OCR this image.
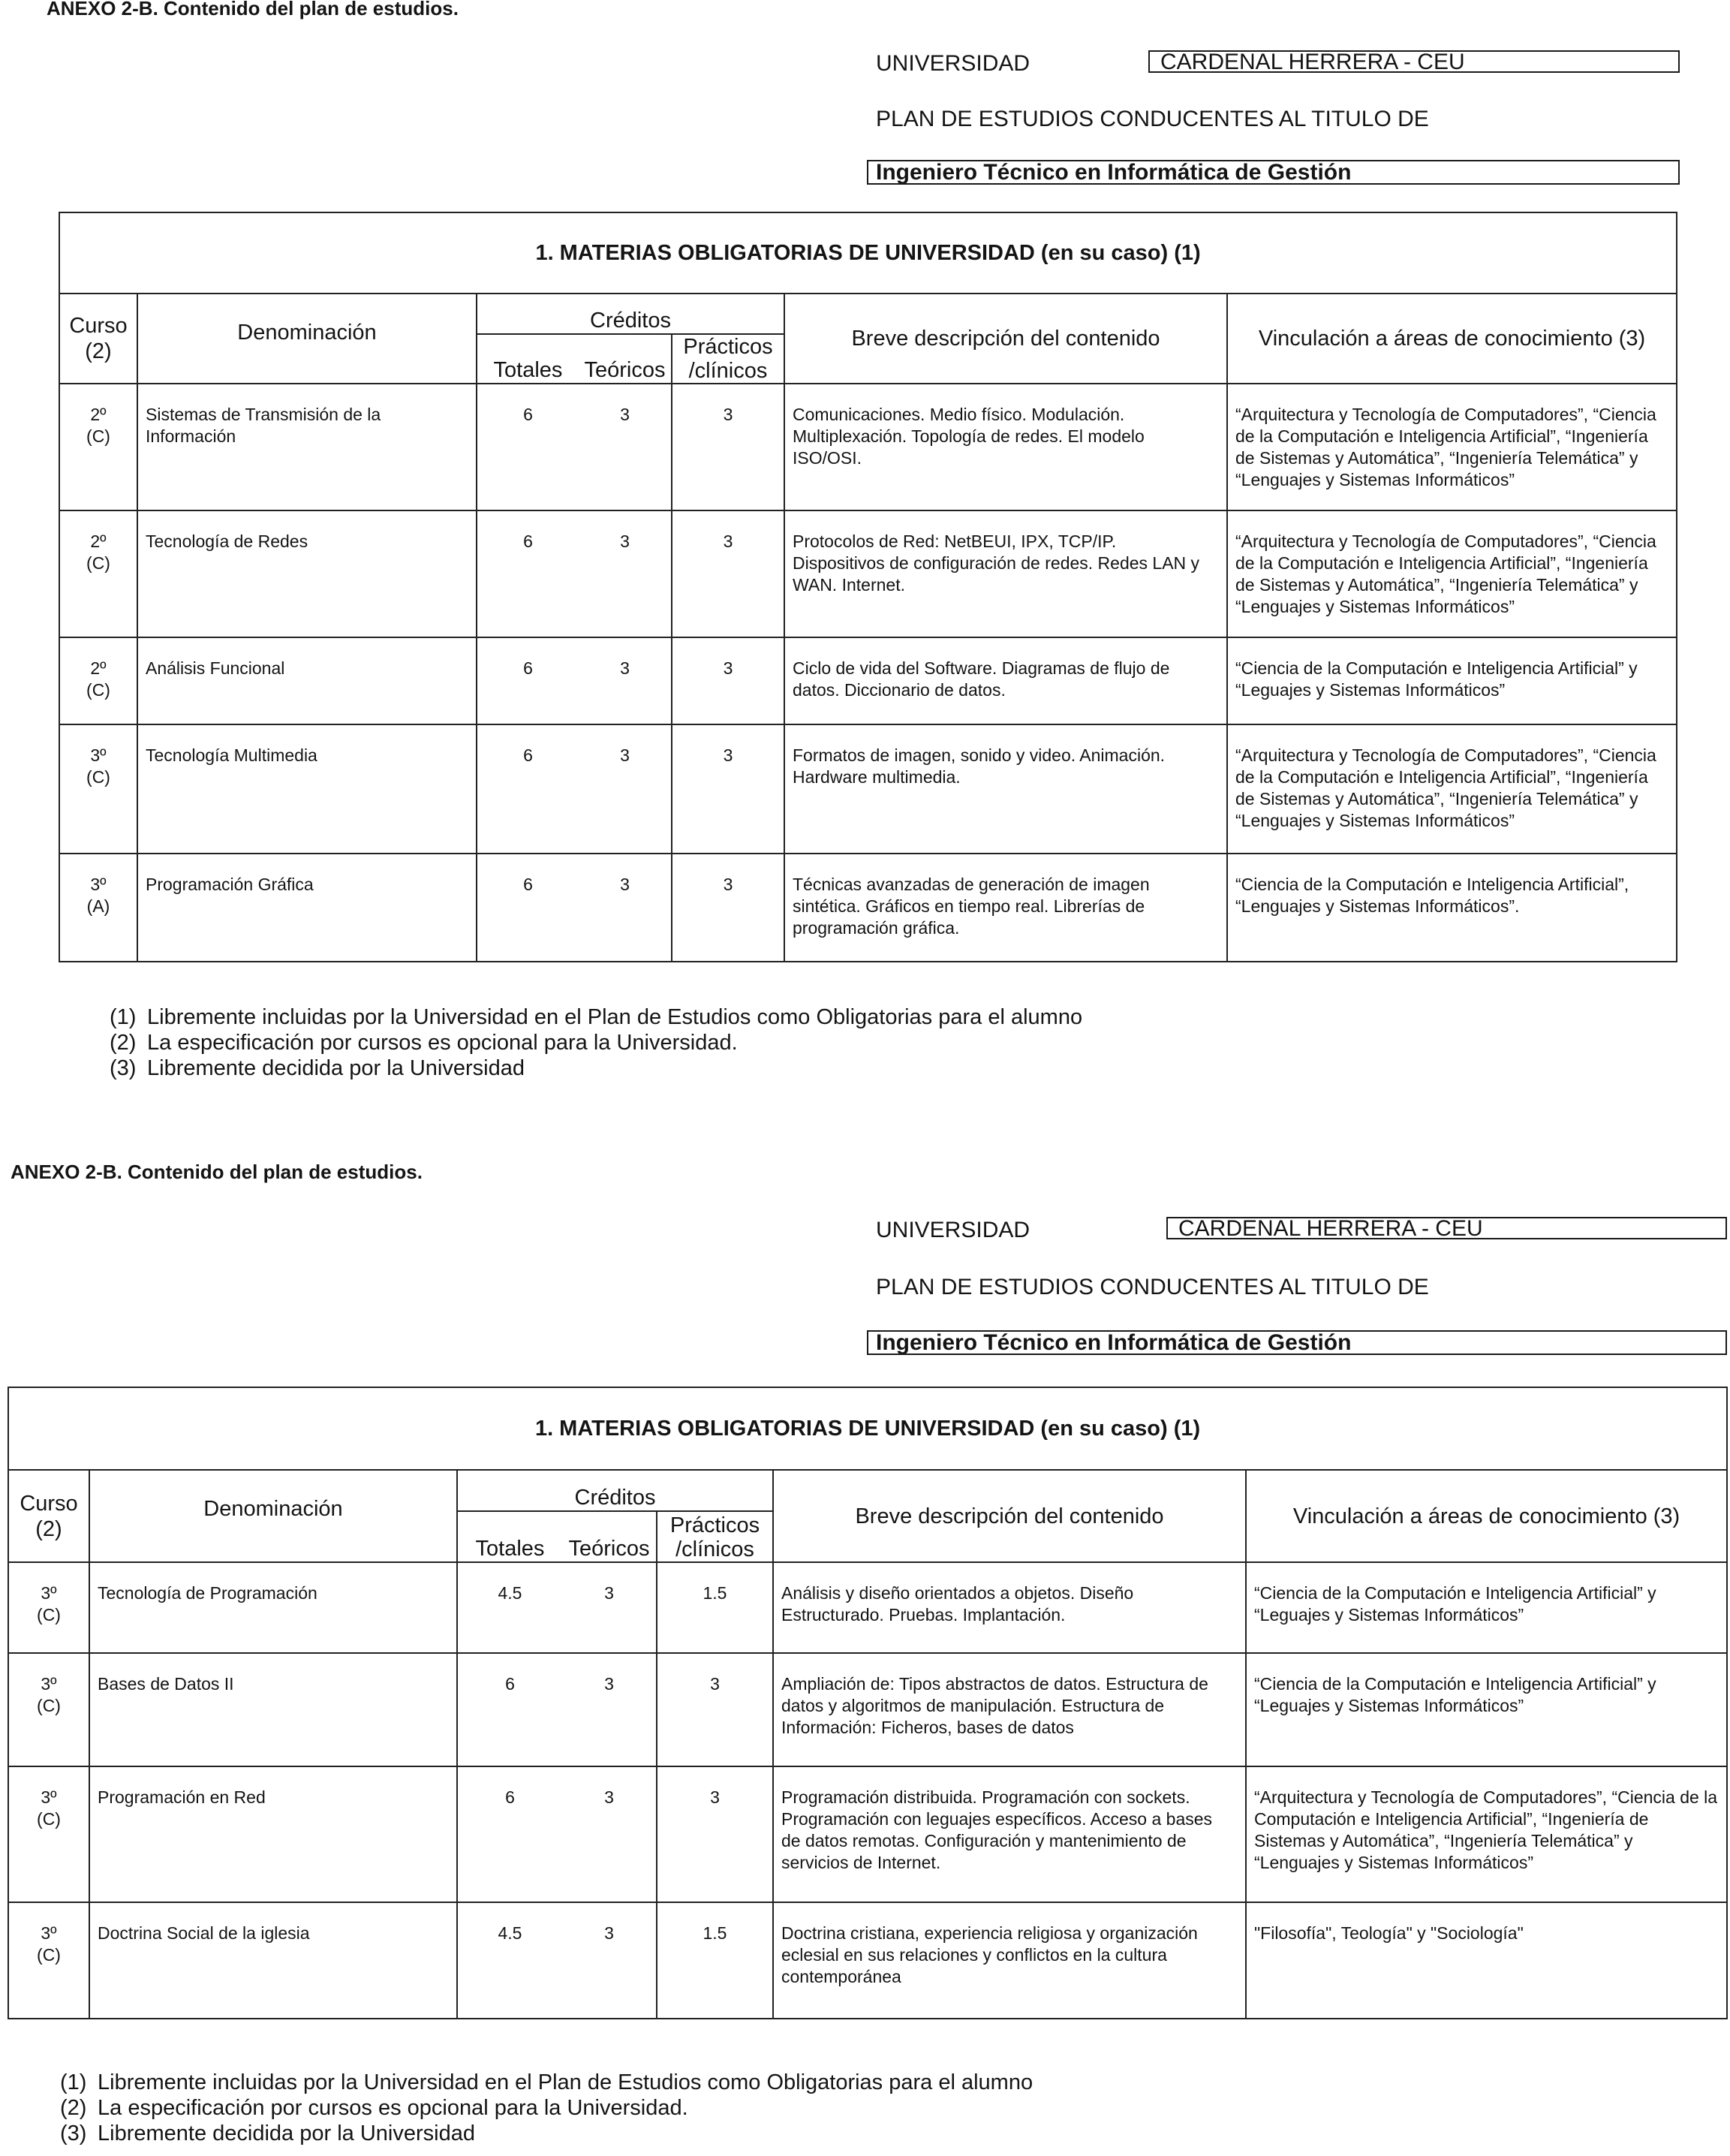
ANEXO 2-B. Contenido del plan de estudios.
UNIVERSIDAD	CARDENAL HERRERA - CEU
PLAN DE ESTUDIOS CONDUCENTES AL TITULO DE
Ingeniero Técnico en Informática de Gestión
1. MATERIAS OBLIGATORIAS DE UNIVERSIDAD (en su caso) (1)						
Curso
(2)	Denominación	Créditos			Breve descripción del contenido	Vinculación a áreas de conocimiento (3)
		Totales	Teóricos	Prácticos
/clínicos		
2º
(C)	Sistemas de Transmisión de la Información	6	3	3	Comunicaciones. Medio físico. Modulación. Multiplexación. Topología de redes. El modelo ISO/OSI.	“Arquitectura y Tecnología de Computadores”, “Ciencia de la Computación e Inteligencia Artificial”, “Ingeniería de Sistemas y Automática”, “Ingeniería Telemática” y “Lenguajes y Sistemas Informáticos”
2º
(C)	Tecnología de Redes	6	3	3	Protocolos de Red: NetBEUI, IPX, TCP/IP. Dispositivos de configuración de redes. Redes LAN y WAN. Internet.	“Arquitectura y Tecnología de Computadores”, “Ciencia de la Computación e Inteligencia Artificial”, “Ingeniería de Sistemas y Automática”, “Ingeniería Telemática” y “Lenguajes y Sistemas Informáticos”
2º
(C)	Análisis Funcional	6	3	3	Ciclo de vida del Software. Diagramas de flujo de datos. Diccionario de datos.	“Ciencia de la Computación e Inteligencia Artificial” y “Leguajes y Sistemas Informáticos”
3º
(C)	Tecnología Multimedia	6	3	3	Formatos de imagen, sonido y video. Animación. Hardware multimedia.	“Arquitectura y Tecnología de Computadores”, “Ciencia de la Computación e Inteligencia Artificial”, “Ingeniería de Sistemas y Automática”, “Ingeniería Telemática” y “Lenguajes y Sistemas Informáticos”
3º
(A)	Programación Gráfica	6	3	3	Técnicas avanzadas de generación de imagen sintética. Gráficos en tiempo real. Librerías de programación gráfica.	“Ciencia de la Computación e Inteligencia Artificial”, “Lenguajes y Sistemas Informáticos”.
(1) Libremente incluidas por la Universidad en el Plan de Estudios como Obligatorias para el alumno
(2) La especificación por cursos es opcional para la Universidad.
(3) Libremente decidida por la Universidad
ANEXO 2-B. Contenido del plan de estudios.
UNIVERSIDAD	CARDENAL HERRERA - CEU
PLAN DE ESTUDIOS CONDUCENTES AL TITULO DE
Ingeniero Técnico en Informática de Gestión
1. MATERIAS OBLIGATORIAS DE UNIVERSIDAD (en su caso) (1)						
Curso
(2)	Denominación	Créditos			Breve descripción del contenido	Vinculación a áreas de conocimiento (3)
		Totales	Teóricos	Prácticos
/clínicos		
3º
(C)	Tecnología de Programación	4.5	3	1.5	Análisis y diseño orientados a objetos. Diseño Estructurado. Pruebas. Implantación.	“Ciencia de la Computación e Inteligencia Artificial” y “Leguajes y Sistemas Informáticos”
3º
(C)	Bases de Datos II	6	3	3	Ampliación de: Tipos abstractos de datos. Estructura de datos y algoritmos de manipulación. Estructura de Información: Ficheros, bases de datos	“Ciencia de la Computación e Inteligencia Artificial” y “Leguajes y Sistemas Informáticos”
3º
(C)	Programación en Red	6	3	3	Programación distribuida. Programación con sockets. Programación con leguajes específicos. Acceso a bases de datos remotas. Configuración y mantenimiento de servicios de Internet.	“Arquitectura y Tecnología de Computadores”, “Ciencia de la Computación e Inteligencia Artificial”, “Ingeniería de Sistemas y Automática”, “Ingeniería Telemática” y “Lenguajes y Sistemas Informáticos”
3º
(C)	Doctrina Social de la iglesia	4.5	3	1.5	Doctrina cristiana, experiencia religiosa y organización eclesial en sus relaciones y conflictos en la cultura contemporánea	"Filosofía", Teología" y "Sociología"
(1) Libremente incluidas por la Universidad en el Plan de Estudios como Obligatorias para el alumno
(2) La especificación por cursos es opcional para la Universidad.
(3) Libremente decidida por la Universidad
